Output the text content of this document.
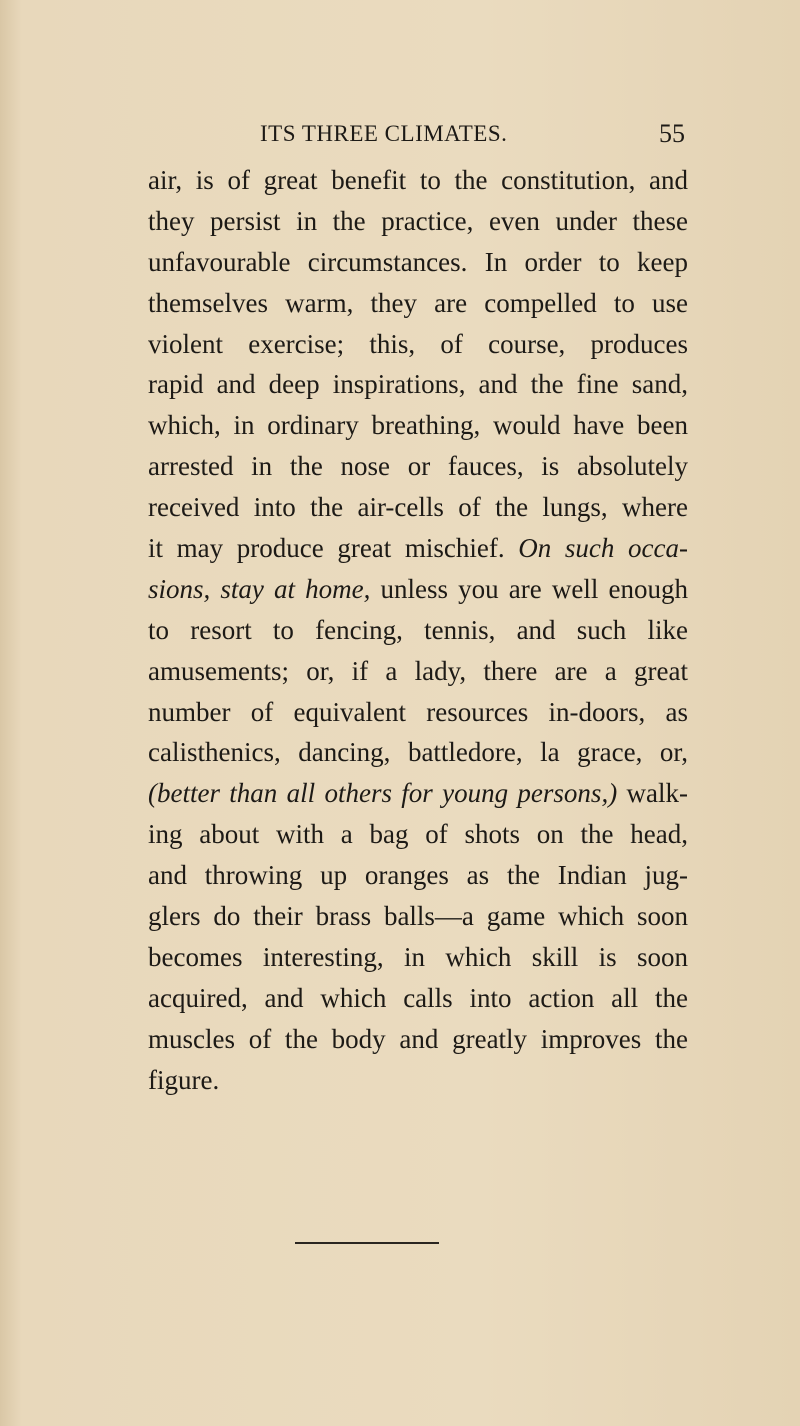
ITS THREE CLIMATES.	55
air, is of great benefit to the constitution, and
they persist in the practice, even under these
unfavourable circumstances. In order to keep
themselves warm, they are compelled to use
violent exercise; this, of course, produces
rapid and deep inspirations, and the fine sand,
which, in ordinary breathing, would have been
arrested in the nose or fauces, is absolutely
received into the air-cells of the lungs, where
it may produce great mischief. On such occa-
sions, stay at home, unless you are well enough
to resort to fencing, tennis, and such like
amusements; or, if a lady, there are a great
number of equivalent resources in-doors, as
calisthenics, dancing, battledore, la grace, or,
(better than all others for young persons,) walk-
ing about with a bag of shots on the head,
and throwing up oranges as the Indian jug-
glers do their brass balls—a game which soon
becomes interesting, in which skill is soon
acquired, and which calls into action all the
muscles of the body and greatly improves the
figure.
